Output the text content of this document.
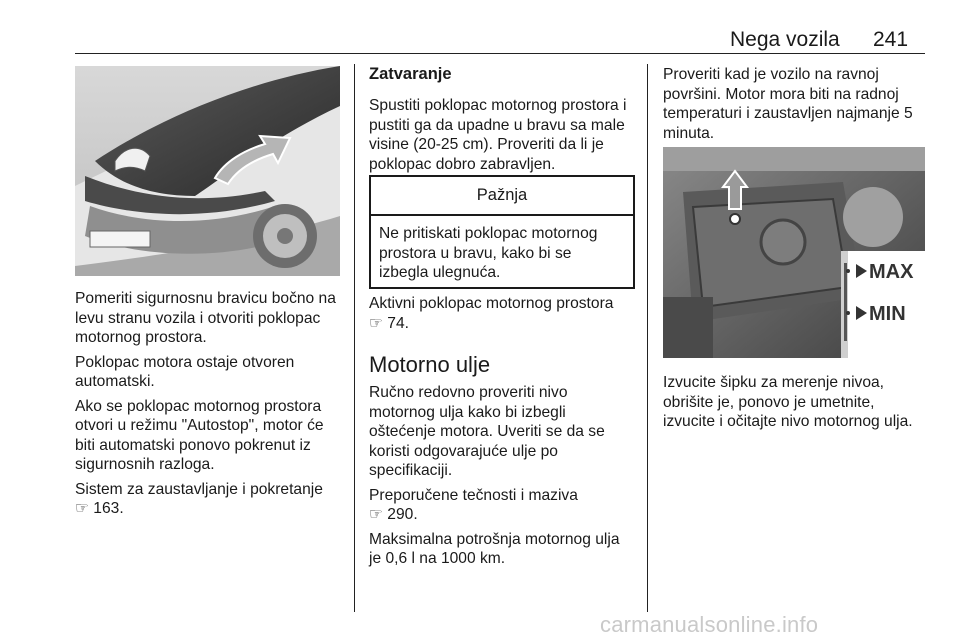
Nega vozila 241

Pomeriti sigurnosnu bravicu bočno na levu stranu vozila i otvoriti poklopac motornog prostora.

Poklopac motora ostaje otvoren automatski.

Ako se poklopac motornog prostora otvori u režimu "Autostop", motor će biti automatski ponovo pokrenut iz sigurnosnih razloga.

Sistem za zaustavljanje i pokretanje

☞ 163.

Zatvaranje
Spustiti poklopac motornog prostora i pustiti ga da upadne u bravu sa male visine (20-25 cm). Proveriti da li je poklopac dobro zabravljen.
Pažnja
Ne pritiskati poklopac motornog prostora u bravu, kako bi se izbegla ulegnuća.

Aktivni poklopac motornog prostora

☞ 74.

Motorno ulje

Ručno redovno proveriti nivo motornog ulja kako bi izbegli oštećenje motora. Uveriti se da se koristi odgovarajuće ulje po specifikaciji.

Preporučene tečnosti i maziva

☞ 290.

Maksimalna potrošnja motornog ulja je 0,6 l na 1000 km.

Proveriti kad je vozilo na ravnoj površini. Motor mora biti na radnoj temperaturi i zaustavljen najmanje 5 minuta.
MAX
MIN
Izvucite šipku za merenje nivoa, obrišite je, ponovo je umetnite, izvucite i očitajte nivo motornog ulja.
carmanualsonline.info
